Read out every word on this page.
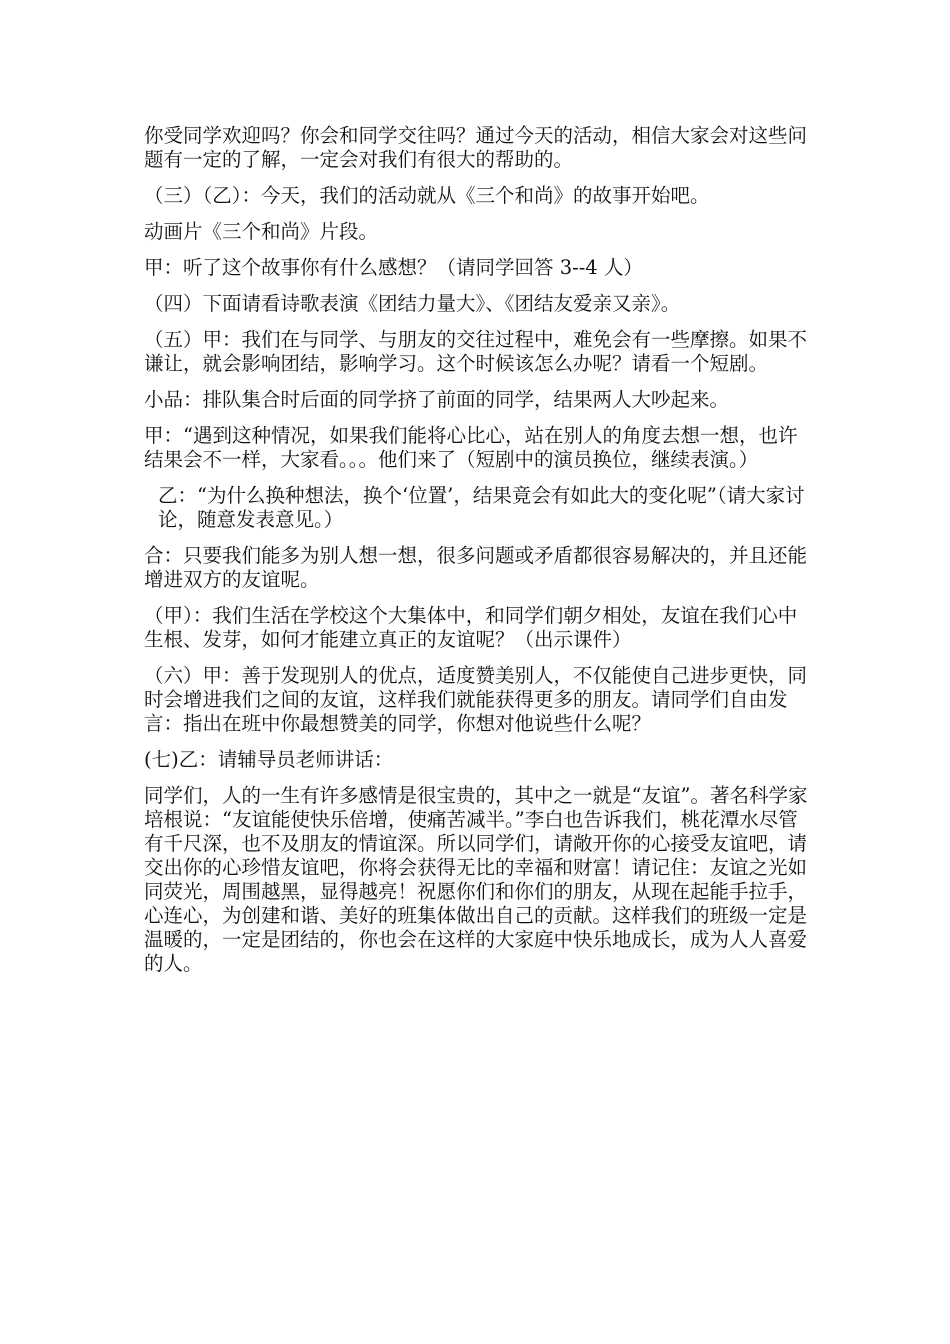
你受同学欢迎吗？你会和同学交往吗？通过今天的活动，相信大家会对这些问题有一定的了解，一定会对我们有很大的帮助的。

（三）（乙）：今天，我们的活动就从《三个和尚》的故事开始吧。

动画片《三个和尚》片段。

甲：听了这个故事你有什么感想？（请同学回答 3--4 人）

（四）下面请看诗歌表演《团结力量大》、《团结友爱亲又亲》。

（五）甲：我们在与同学、与朋友的交往过程中，难免会有一些摩擦。如果不谦让，就会影响团结，影响学习。这个时候该怎么办呢？请看一个短剧。

小品：排队集合时后面的同学挤了前面的同学，结果两人大吵起来。

甲：“遇到这种情况，如果我们能将心比心，站在别人的角度去想一想，也许结果会不一样，大家看。。。他们来了（短剧中的演员换位，继续表演。）

乙：“为什么换种想法，换个‘位置’，结果竟会有如此大的变化呢”（请大家讨论，随意发表意见。）

合：只要我们能多为别人想一想，很多问题或矛盾都很容易解决的，并且还能增进双方的友谊呢。

（甲）：我们生活在学校这个大集体中，和同学们朝夕相处，友谊在我们心中生根、发芽，如何才能建立真正的友谊呢？（出示课件）

（六）甲：善于发现别人的优点，适度赞美别人，不仅能使自己进步更快，同时会增进我们之间的友谊，这样我们就能获得更多的朋友。请同学们自由发言：指出在班中你最想赞美的同学，你想对他说些什么呢？

(七)乙：请辅导员老师讲话：

同学们，人的一生有许多感情是很宝贵的，其中之一就是“友谊”。著名科学家培根说：“友谊能使快乐倍增，使痛苦减半。”李白也告诉我们，桃花潭水尽管有千尺深，也不及朋友的情谊深。所以同学们，请敞开你的心接受友谊吧，请交出你的心珍惜友谊吧，你将会获得无比的幸福和财富！请记住：友谊之光如同荧光，周围越黑，显得越亮！祝愿你们和你们的朋友，从现在起能手拉手，心连心，为创建和谐、美好的班集体做出自己的贡献。这样我们的班级一定是温暖的，一定是团结的，你也会在这样的大家庭中快乐地成长，成为人人喜爱的人。
